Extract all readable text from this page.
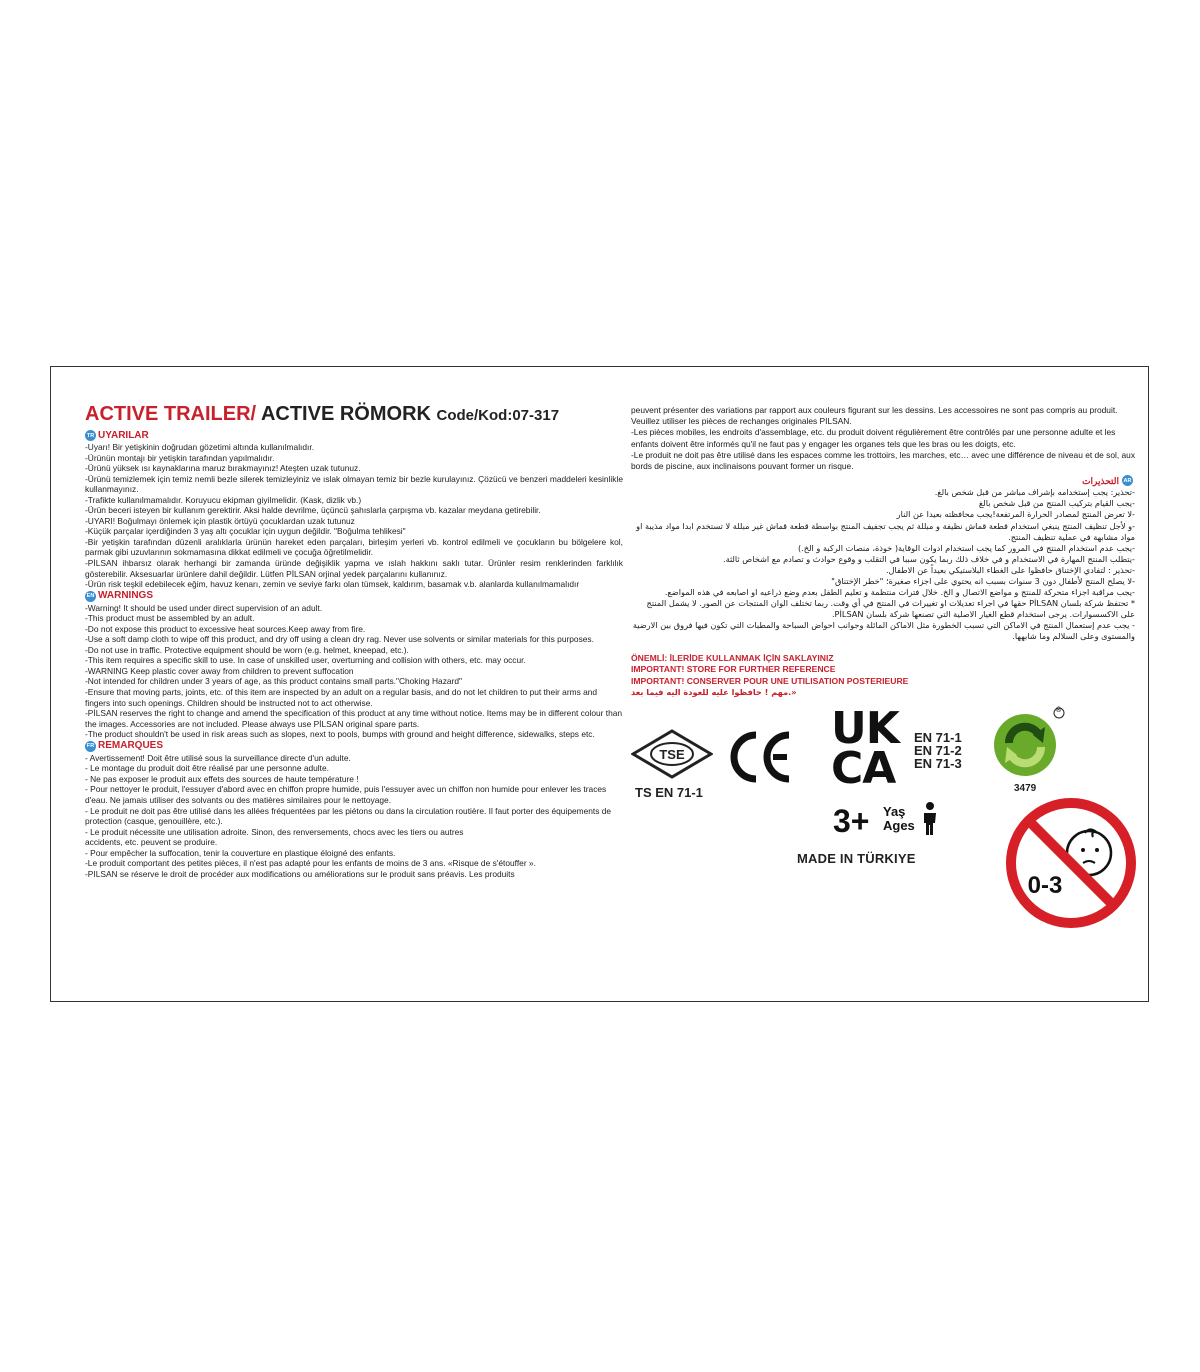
ACTIVE TRAILER/ ACTIVE RÖMORK Code/Kod:07-317
TR UYARILAR

-Uyarı! Bir yetişkinin doğrudan gözetimi altında kullanılmalıdır.

-Ürünün montajı bir yetişkin tarafından yapılmalıdır.

-Ürünü yüksek ısı kaynaklarına maruz bırakmayınız! Ateşten uzak tutunuz.

-Ürünü temizlemek için temiz nemli bezle silerek temizleyiniz ve ıslak olmayan temiz bir bezle kurulayınız. Çözücü ve benzeri maddeleri kesinlikle kullanmayınız.

-Trafikte kullanılmamalıdır. Koruyucu ekipman giyilmelidir. (Kask, dizlik vb.)

-Ürün beceri isteyen bir kullanım gerektirir. Aksi halde devrilme, üçüncü şahıslarla çarpışma vb. kazalar meydana getirebilir.

-UYARI! Boğulmayı önlemek için plastik örtüyü çocuklardan uzak tutunuz

-Küçük parçalar içerdiğinden 3 yaş altı çocuklar için uygun değildir. "Boğulma tehlikesi"

-Bir yetişkin tarafından düzenli aralıklarla ürünün hareket eden parçaları, birleşim yerleri vb. kontrol edilmeli ve çocukların bu bölgelere kol, parmak gibi uzuvlarının sokmamasına dikkat edilmeli ve çocuğa öğretilmelidir.

-PİLSAN ihbarsız olarak herhangi bir zamanda üründe değişiklik yapma ve ıslah hakkını saklı tutar. Ürünler resim renklerinden farklılık gösterebilir. Aksesuarlar ürünlere dahil değildir. Lütfen PİLSAN orjinal yedek parçalarını kullanınız.

-Ürün risk teşkil edebilecek eğim, havuz kenarı, zemin ve seviye farkı olan tümsek, kaldırım, basamak v.b. alanlarda kullanılmamalıdır

EN WARNINGS

-Warning! It should be used under direct supervision of an adult.

-This product must be assembled by an adult.

-Do not expose this product to excessive heat sources.Keep away from fire.

-Use a soft damp cloth to wipe off this product, and dry off using a clean dry rag. Never use solvents or similar materials for this purposes.

-Do not use in traffic. Protective equipment should be worn (e.g. helmet, kneepad, etc.).

-This item requires a specific skill to use. In case of unskilled user, overturning and collision with others, etc. may occur.

-WARNING Keep plastic cover away from children to prevent suffocation

-Not intended for children under 3 years of age, as this product contains small parts."Choking Hazard"

-Ensure that moving parts, joints, etc. of this item are inspected by an adult on a regular basis, and do not let children to put their arms and fingers into such openings. Children should be instructed not to act otherwise.

-PİLSAN reserves the right to change and amend the specification of this product at any time without notice. Items may be in different colour than the images. Accessories are not included. Please always use PİLSAN original spare parts.

-The product shouldn't be used in risk areas such as slopes, next to pools, bumps with ground and height difference, sidewalks, steps etc.

FR REMARQUES

- Avertissement! Doit être utilisé sous la surveillance directe d'un adulte.

- Le montage du produit doit être réalisé par une personne adulte.

- Ne pas exposer le produit aux effets des sources de haute température !

- Pour nettoyer le produit, l'essuyer d'abord avec en chiffon propre humide, puis l'essuyer avec un chiffon non humide pour enlever les traces d'eau. Ne jamais utiliser des solvants ou des matières similaires pour le nettoyage.

- Le produit ne doit pas être utilisé dans les allées fréquentées par les piétons ou dans la circulation routière. Il faut porter des équipements de protection (casque, genouillère, etc.).

- Le produit nécessite une utilisation adroite. Sinon, des renversements, chocs avec les tiers ou autres

accidents, etc. peuvent se produire.

- Pour empêcher la suffocation, tenir la couverture en plastique éloigné des enfants.

-Le produit comportant des petites pièces, il n'est pas adapté pour les enfants de moins de 3 ans. «Risque de s'étouffer ».

-PILSAN se réserve le droit de procéder aux modifications ou améliorations sur le produit sans préavis. Les produits

peuvent présenter des variations par rapport aux couleurs figurant sur les dessins. Les accessoires ne sont pas compris au produit. Veuillez utiliser les pièces de rechanges originales PILSAN.

-Les pièces mobiles, les endroits d'assemblage, etc. du produit doivent régulièrement être contrôlés par une personne adulte et les enfants doivent être informés qu'il ne faut pas y engager les organes tels que les bras ou les doigts, etc.

-Le produit ne doit pas être utilisé dans les espaces comme les trottoirs, les marches, etc… avec une différence de niveau et de sol, aux bords de piscine, aux inclinaisons pouvant former un risque.

التحذيرات AR

-تحذير: يجب إستخدامه بإشراف مباشر من قبل شخص بالغ.

-يجب القيام بتركيب المنتج من قبل شخص بالغ

-لا تعرض المنتج لمصادر الحرارة المرتفعة!يجب محافظته بعيدا عن النار

-و لأجل تنظيف المنتج ينبغي استخدام قطعة قماش نظيفة و مبللة ثم يجب تجفيف المنتج بواسطة قطعة قماش غير مبللة لا تستخدم ابدا مواد مذيبة او مواد مشابهة في عملية تنظيف المنتج.

-يجب عدم استخدام المنتج في المرور كما يجب استخدام ادوات الوقاية( خوذة، منصات الركبة و الخ.)

-يتطلب المنتج المهارة في الاستخدام و في خلاف ذلك ربما يكون سببا في التقلب و وقوع حوادث و تصادم مع اشخاص ثالثة.

-تحذير : لتفادي الإختناق حافظوا على الغطاء البلاستيكي بعيداً عن الاطفال.

-لا يصلح المنتج لأطفال دون 3 سنوات بسبب انه يحتوي على اجزاء صغيرة؛ "خطر الإختناق"

-يجب مراقبة اجزاء متحركة للمنتج و مواضع الاتصال و الخ. خلال فترات منتظمة و تعليم الطفل بعدم وضع ذراعيه او اصابعه في هذه المواضع.

* تحتفظ شركة بلسان PİLSAN حقها في اجراء تعديلات او تغييرات في المنتج في أي وقت. ربما تختلف الوان المنتجات عن الصور. لا يشمل المنتج على الاكسسوارات. يرجى استخدام قطع الغيار الاصلية التي تصنعها شركة بلسان PİLSAN.

- يجب عدم إستعمال المنتج في الاماكن التي تسبب الخطورة مثل الاماكن المائلة وجوانب احواض السباحة والمطبات التي تكون فيها فروق بين الارضية والمستوى وعلى السلالم وما شابهها.

ÖNEMLİ: İLERİDE KULLANMAK İÇİN SAKLAYINIZ

IMPORTANT! STORE FOR FURTHER REFERENCE

IMPORTANT! CONSERVER POUR UNE UTILISATION POSTERIEURE

مهم ! حافظوا عليه للعودة اليه فيما بعد.»

TSE
TS EN 71-1
UK
CA
EN 71-1
EN 71-2
EN 71-3
®
3479
3+ Yaş
Ages
MADE IN TÜRKIYE
0-3
